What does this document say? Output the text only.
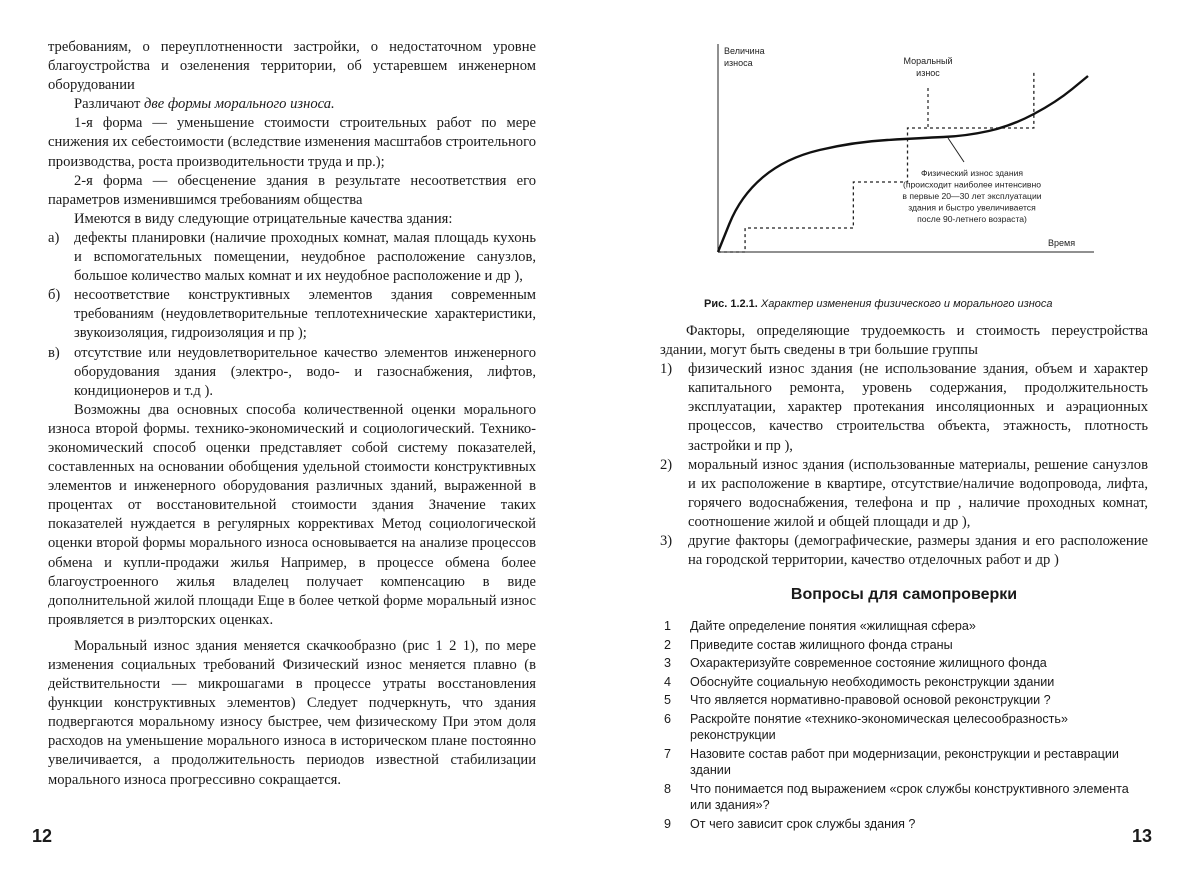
требованиям, о переуплотненности застройки, о недостаточном уровне благоустройства и озеленения территории, об устаревшем инженерном оборудовании

Различают две формы морального износа.

1-я форма — уменьшение стоимости строительных работ по мере снижения их себестоимости (вследствие изменения масштабов строительного производства, роста производительности труда и пр.);

2-я форма — обесценение здания в результате несоответствия его параметров изменившимся требованиям общества

Имеются в виду следующие отрицательные качества здания:

а) дефекты планировки (наличие проходных комнат, малая площадь кухонь и вспомогательных помещении, неудобное расположение санузлов, большое количество малых комнат и их неудобное расположение и др ),
б) несоответствие конструктивных элементов здания современным требованиям (неудовлетворительные теплотехнические характеристики, звукоизоляция, гидроизоляция и пр );
в) отсутствие или неудовлетворительное качество элементов инженерного оборудования здания (электро-, водо- и газоснабжения, лифтов, кондиционеров и т.д ).

Возможны два основных способа количественной оценки морального износа второй формы. технико-экономический и социологический. Технико-экономический способ оценки представляет собой систему показателей, составленных на основании обобщения удельной стоимости конструктивных элементов и инженерного оборудования различных зданий, выраженной в процентах от восстановительной стоимости здания Значение таких показателей нуждается в регулярных коррективах Метод социологической оценки второй формы морального износа основывается на анализе процессов обмена и купли-продажи жилья Например, в процессе обмена более благоустроенного жилья владелец получает компенсацию в виде дополнительной жилой площади Еще в более четкой форме моральный износ проявляется в риэлторских оценках.

Моральный износ здания меняется скачкообразно (рис 1 2 1), по мере изменения социальных требований Физический износ меняется плавно (в действительности — микрошагами в процессе утраты восстановления функции конструктивных элементов) Следует подчеркнуть, что здания подвергаются моральному износу быстрее, чем физическому При этом доля расходов на уменьшение морального износа в историческом плане постоянно увеличивается, а продолжительность периодов известной стабилизации морального износа прогрессивно сокращается.

12
Величина
износа
Время
Моральный
износ
Физический износ здания
(происходит наиболее интенсивно
в первые 20—30 лет эксплуатации
здания и быстро увеличивается
после 90-летнего возраста)
Рис. 1.2.1. Характер изменения физического и морального износа

Факторы, определяющие трудоемкость и стоимость переустройства здании, могут быть сведены в три большие группы

1) физический износ здания (не использование здания, объем и характер капитального ремонта, уровень содержания, продолжительность эксплуатации, характер протекания инсоляционных и аэрационных процессов, качество строительства объекта, этажность, плотность застройки и пр ),
2) моральный износ здания (использованные материалы, решение санузлов и их расположение в квартире, отсутствие/наличие водопровода, лифта, горячего водоснабжения, телефона и пр , наличие проходных комнат, соотношение жилой и общей площади и др ),
3) другие факторы (демографические, размеры здания и его расположение на городской территории, качество отделочных работ и др )
Вопросы для самопроверки
1 Дайте определение понятия «жилищная сфера»
2 Приведите состав жилищного фонда страны
3 Охарактеризуйте современное состояние жилищного фонда
4 Обоснуйте социальную необходимость реконструкции здании
5 Что является нормативно-правовой основой реконструкции ?
6 Раскройте понятие «технико-экономическая целесообразность» реконструкции
7 Назовите состав работ при модернизации, реконструкции и реставрации здании
8 Что понимается под выражением «срок службы конструктивного элемента или здания»?
9 От чего зависит срок службы здания ?
13
